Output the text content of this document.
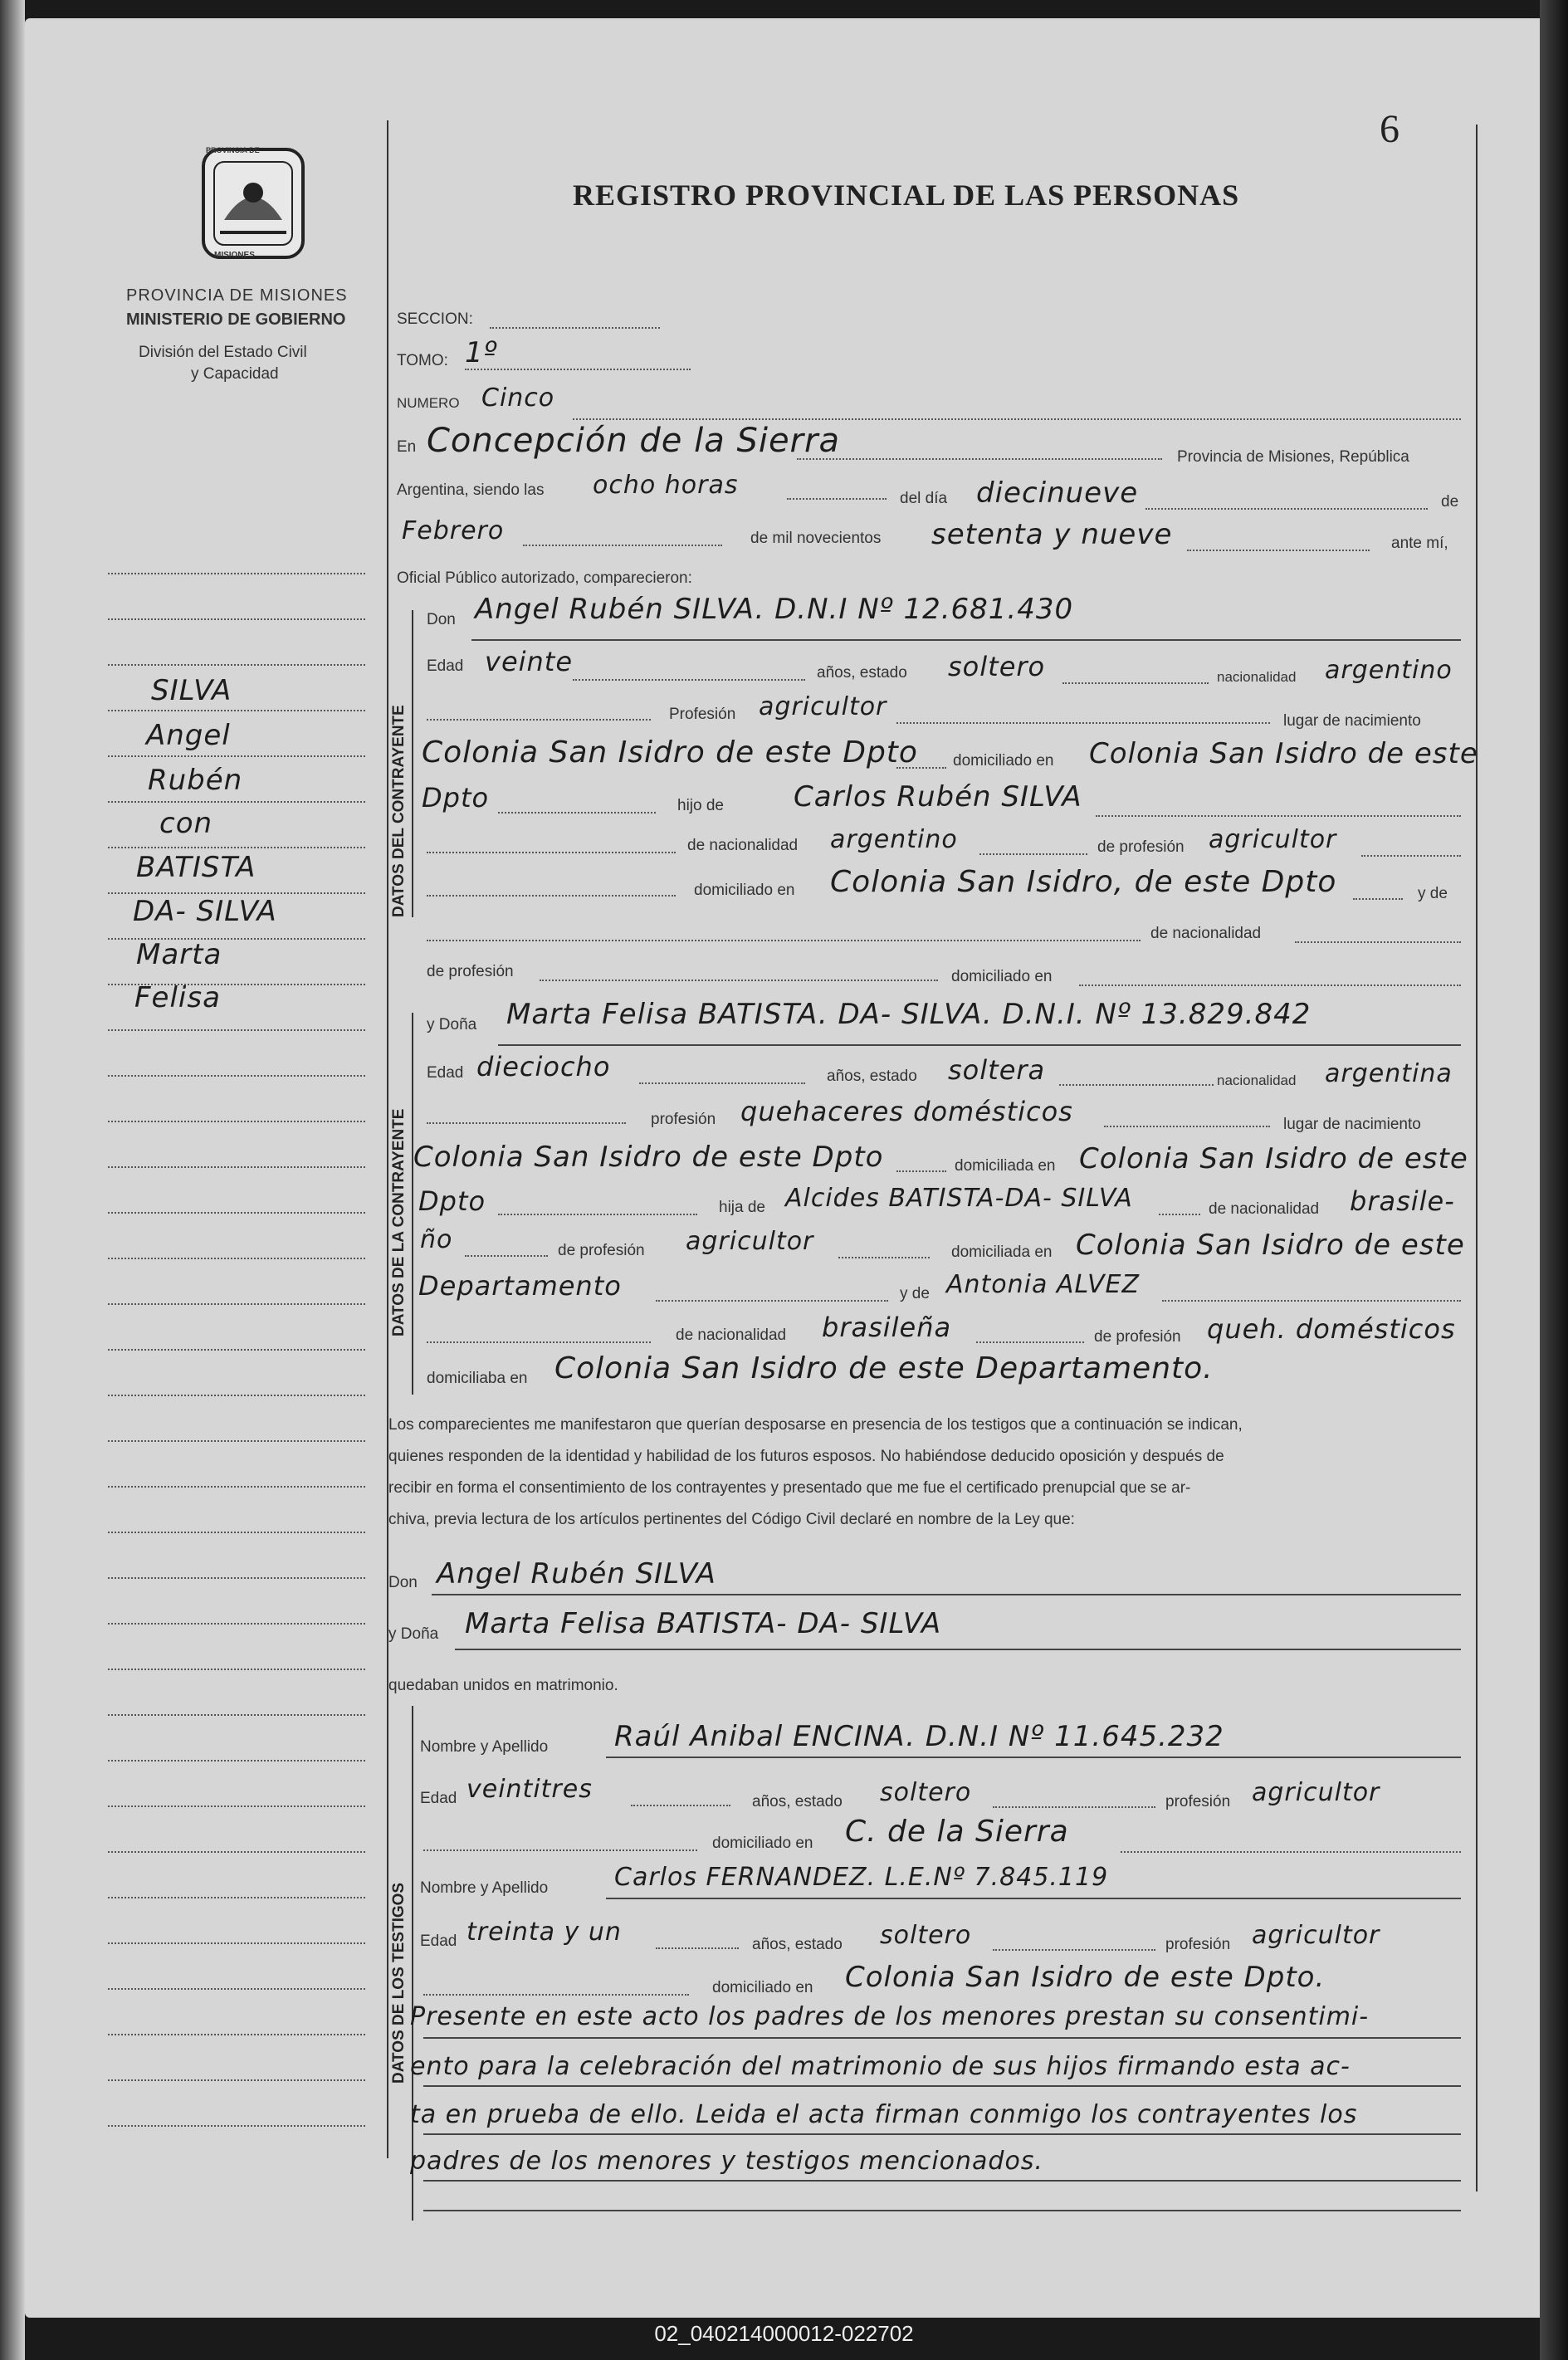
6
REGISTRO PROVINCIAL DE LAS PERSONAS
PROVINCIA DE
MISIONES
PROVINCIA DE MISIONES
MINISTERIO DE GOBIERNO
División del Estado Civil
y Capacidad
SILVA
Angel
Rubén
con
BATISTA
DA- SILVA
Marta
Felisa
SECCION:
TOMO: 1º
NUMERO Cinco
En Concepción de la Sierra	Provincia de Misiones, República
Argentina, siendo las ocho horas	del día diecinueve	de
Febrero	de mil novecientos setenta y nueve	ante mí,
Oficial Público autorizado, comparecieron:
DATOS DEL CONTRAYENTE
Don Angel Rubén SILVA. D.N.I Nº 12.681.430
Edad veinte	años, estado soltero	nacionalidad argentino
Profesión agricultor	lugar de nacimiento
Colonia San Isidro de este Dpto domiciliado en Colonia San Isidro de este
Dpto	hijo de Carlos Rubén SILVA
de nacionalidad argentino	de profesión agricultor
domiciliado en Colonia San Isidro, de este Dpto	y de
de nacionalidad
de profesión	domiciliado en
DATOS DE LA CONTRAYENTE
y Doña Marta Felisa BATISTA. DA- SILVA. D.N.I. Nº 13.829.842
Edad dieciocho	años, estado soltera	nacionalidad argentina
profesión quehaceres domésticos	lugar de nacimiento
Colonia San Isidro de este Dpto	domiciliada en Colonia San Isidro de este
Dpto	hija de Alcides BATISTA-DA- SILVA	de nacionalidad brasile-
ño	de profesión agricultor	domiciliada en Colonia San Isidro de este
Departamento	y de Antonia ALVEZ
de nacionalidad brasileña	de profesión queh. domésticos
domiciliaba en Colonia San Isidro de este Departamento.
Los comparecientes me manifestaron que querían desposarse en presencia de los testigos que a continuación se indican,
quienes responden de la identidad y habilidad de los futuros esposos. No habiéndose deducido oposición y después de
recibir en forma el consentimiento de los contrayentes y presentado que me fue el certificado prenupcial que se ar-
chiva, previa lectura de los artículos pertinentes del Código Civil declaré en nombre de la Ley que:
Don Angel Rubén SILVA
y Doña Marta Felisa BATISTA- DA- SILVA
quedaban unidos en matrimonio.
DATOS DE LOS TESTIGOS
Nombre y Apellido Raúl Anibal ENCINA. D.N.I Nº 11.645.232
Edad veintitres	años, estado soltero	profesión agricultor
domiciliado en C. de la Sierra
Nombre y Apellido	Carlos FERNANDEZ. L.E.Nº 7.845.119
Edad treinta y un	años, estado soltero	profesión agricultor
domiciliado en Colonia San Isidro de este Dpto.
Presente en este acto los padres de los menores prestan su consentimi-
ento para la celebración del matrimonio de sus hijos firmando esta ac-
ta en prueba de ello. Leida el acta firman conmigo los contrayentes los
padres de los menores y testigos mencionados.
02_040214000012-022702
